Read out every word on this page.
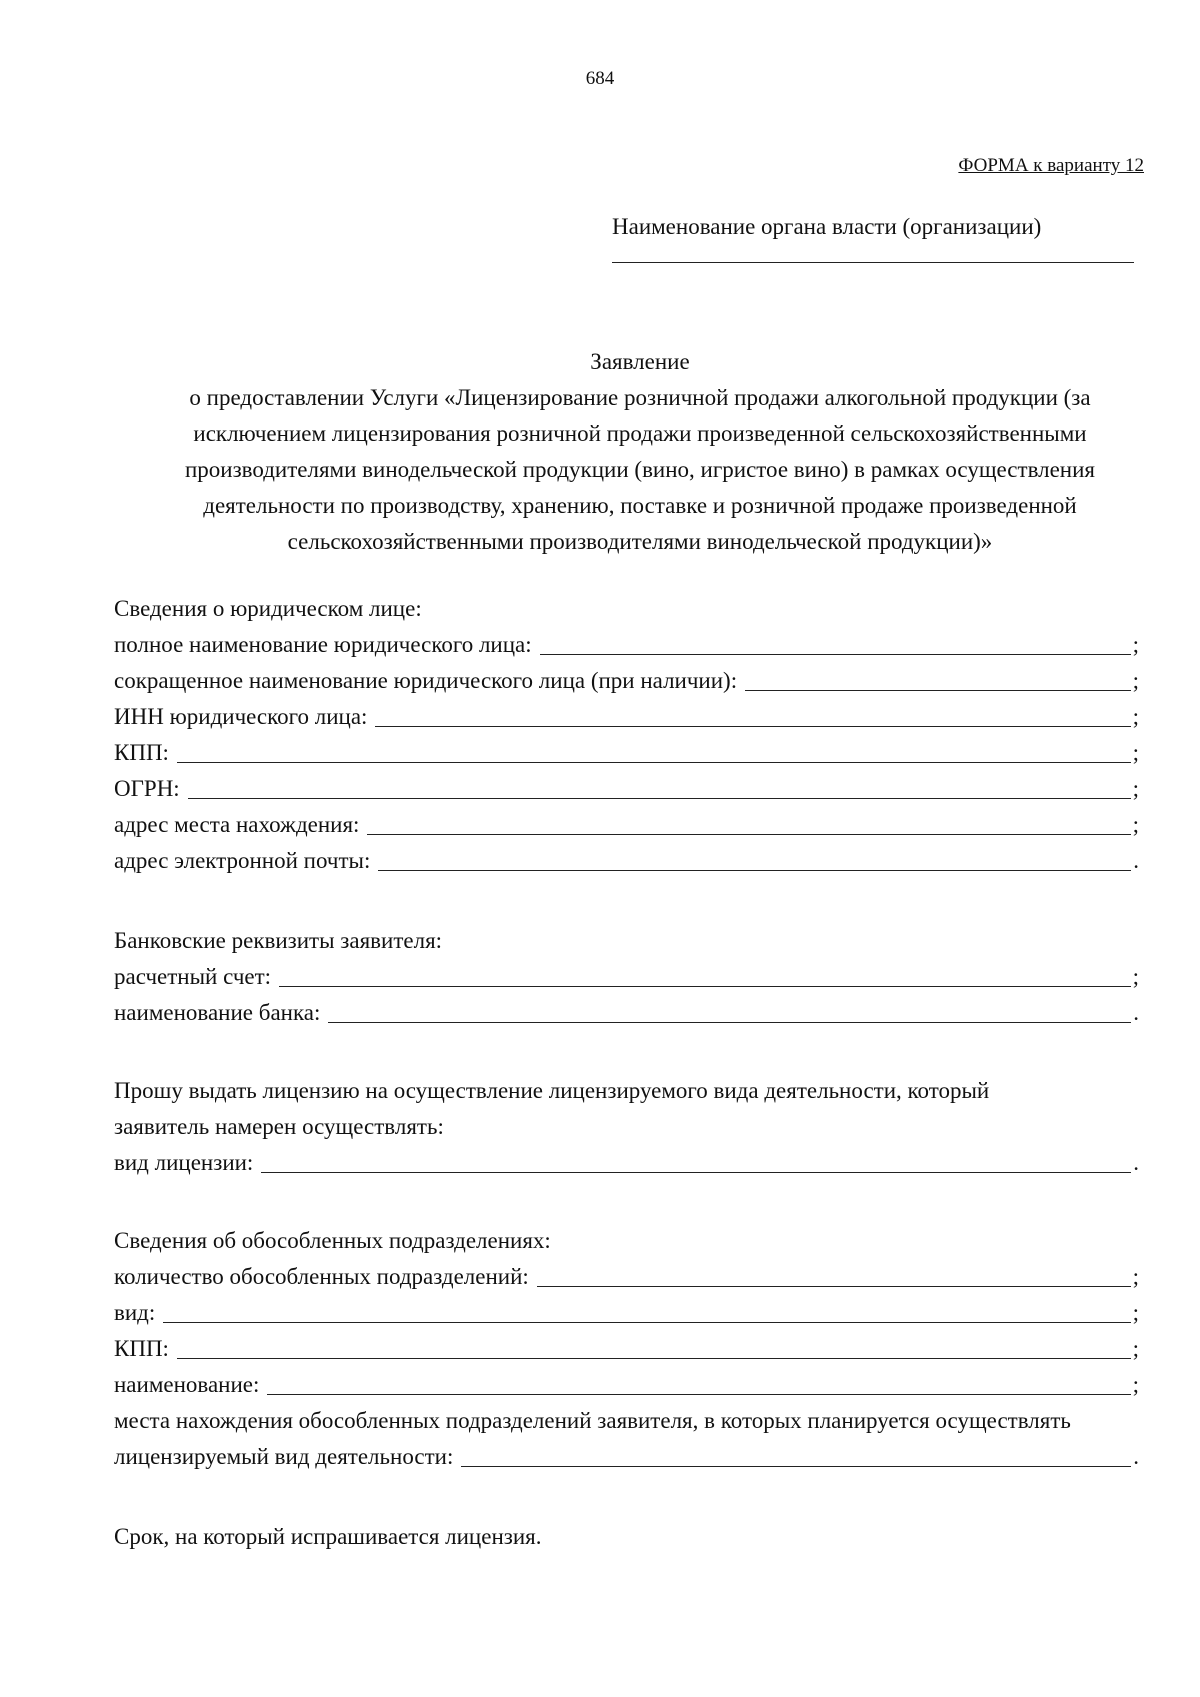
684
ФОРМА к варианту 12
Наименование органа власти (организации)
Заявление
о предоставлении Услуги «Лицензирование розничной продажи алкогольной продукции (за
исключением лицензирования розничной продажи произведенной сельскохозяйственными
производителями винодельческой продукции (вино, игристое вино) в рамках осуществления
деятельности по производству, хранению, поставке и розничной продаже произведенной
сельскохозяйственными производителями винодельческой продукции)»
Сведения о юридическом лице:
полное наименование юридического лица:	;
сокращенное наименование юридического лица (при наличии):	;
ИНН юридического лица:	;
КПП:	;
ОГРН:	;
адрес места нахождения:	;
адрес электронной почты:	.
Банковские реквизиты заявителя:
расчетный счет:	;
наименование банка:	.
Прошу выдать лицензию на осуществление лицензируемого вида деятельности, который
заявитель намерен осуществлять:
вид лицензии:	.
Сведения об обособленных подразделениях:
количество обособленных подразделений:	;
вид:	;
КПП:	;
наименование:	;
места нахождения обособленных подразделений заявителя, в которых планируется осуществлять
лицензируемый вид деятельности:	.
Срок, на который испрашивается лицензия.
